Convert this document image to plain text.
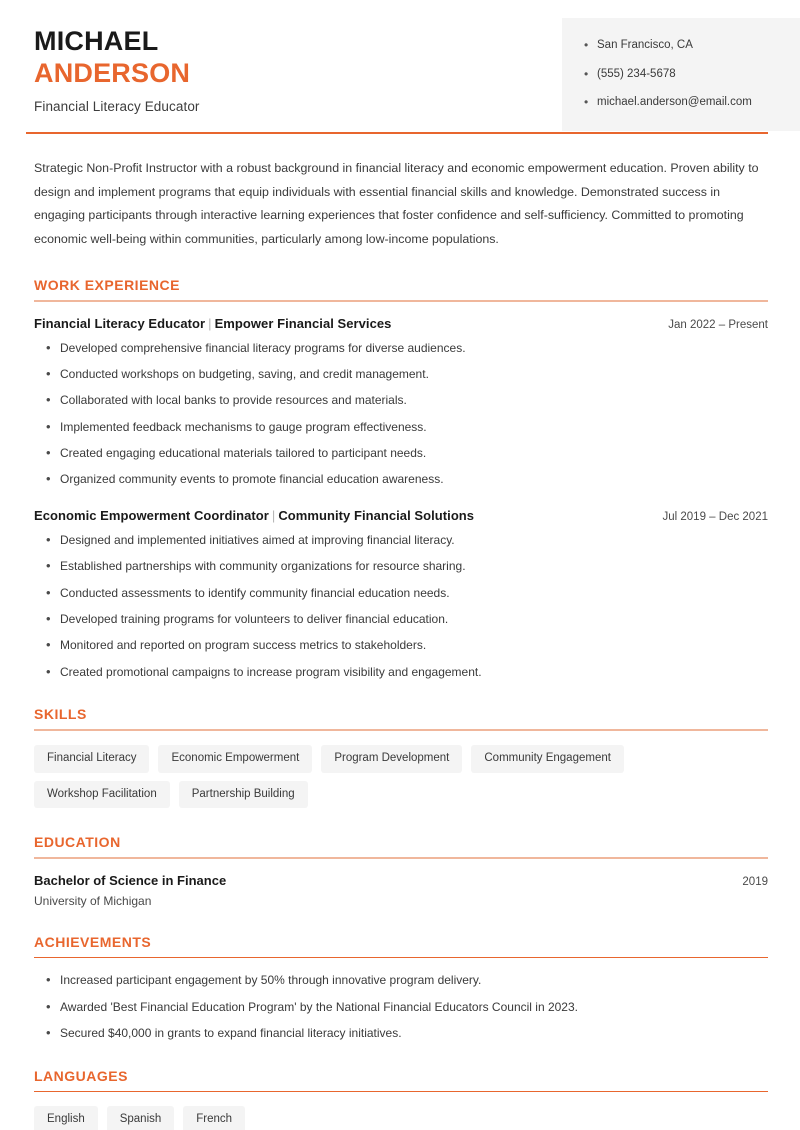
MICHAEL
ANDERSON
Financial Literacy Educator
• San Francisco, CA
• (555) 234-5678
• michael.anderson@email.com

Strategic Non-Profit Instructor with a robust background in financial literacy and economic empowerment education. Proven ability to design and implement programs that equip individuals with essential financial skills and knowledge. Demonstrated success in engaging participants through interactive learning experiences that foster confidence and self-sufficiency. Committed to promoting economic well-being within communities, particularly among low-income populations.

WORK EXPERIENCE
Financial Literacy Educator | Empower Financial Services	Jan 2022 – Present
• Developed comprehensive financial literacy programs for diverse audiences.
• Conducted workshops on budgeting, saving, and credit management.
• Collaborated with local banks to provide resources and materials.
• Implemented feedback mechanisms to gauge program effectiveness.
• Created engaging educational materials tailored to participant needs.
• Organized community events to promote financial education awareness.
Economic Empowerment Coordinator | Community Financial Solutions	Jul 2019 – Dec 2021
• Designed and implemented initiatives aimed at improving financial literacy.
• Established partnerships with community organizations for resource sharing.
• Conducted assessments to identify community financial education needs.
• Developed training programs for volunteers to deliver financial education.
• Monitored and reported on program success metrics to stakeholders.
• Created promotional campaigns to increase program visibility and engagement.
SKILLS
Financial Literacy	Economic Empowerment	Program Development	Community Engagement
Workshop Facilitation	Partnership Building
EDUCATION
Bachelor of Science in Finance	2019
University of Michigan
ACHIEVEMENTS
• Increased participant engagement by 50% through innovative program delivery.
• Awarded 'Best Financial Education Program' by the National Financial Educators Council in 2023.
• Secured $40,000 in grants to expand financial literacy initiatives.
LANGUAGES
English	Spanish	French
